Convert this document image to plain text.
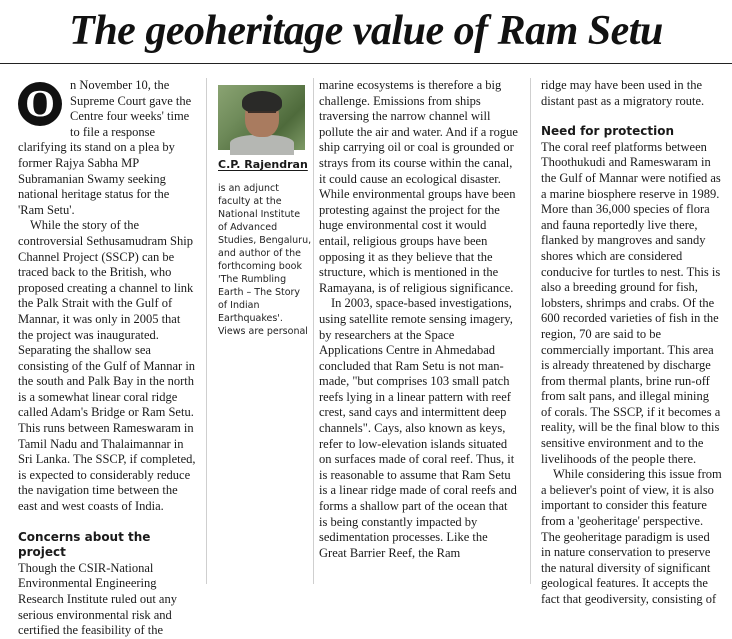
The geoheritage value of Ram Setu
O	n November 10, the Supreme Court gave the Centre four weeks' time to file a response clarifying its stand on a plea by former Rajya Sabha MP Subramanian Swamy seeking national heritage status for the 'Ram Setu'.

While the story of the controversial Sethusamudram Ship Channel Project (SSCP) can be traced back to the British, who proposed creating a channel to link the Palk Strait with the Gulf of Mannar, it was only in 2005 that the project was inaugurated. Separating the shallow sea consisting of the Gulf of Mannar in the south and Palk Bay in the north is a somewhat linear coral ridge called Adam's Bridge or Ram Setu. This runs between Rameswaram in Tamil Nadu and Thalaimannar in Sri Lanka. The SSCP, if completed, is expected to considerably reduce the navigation time between the east and west coasts of India.

Concerns about the project

Though the CSIR-National Environmental Engineering Research Institute ruled out any serious environmental risk and certified the feasibility of the

C.P. Rajendran
is an adjunct faculty at the National Institute of Advanced Studies, Bengaluru, and author of the forthcoming book 'The Rumbling Earth – The Story of Indian Earthquakes'. Views are personal

marine ecosystems is therefore a big challenge. Emissions from ships traversing the narrow channel will pollute the air and water. And if a rogue ship carrying oil or coal is grounded or strays from its course within the canal, it could cause an ecological disaster. While environmental groups have been protesting against the project for the huge environmental cost it would entail, religious groups have been opposing it as they believe that the structure, which is mentioned in the Ramayana, is of religious significance.

In 2003, space-based investigations, using satellite remote sensing imagery, by researchers at the Space Applications Centre in Ahmedabad concluded that Ram Setu is not man-made, "but comprises 103 small patch reefs lying in a linear pattern with reef crest, sand cays and intermittent deep channels". Cays, also known as keys, refer to low-elevation islands situated on surfaces made of coral reef. Thus, it is reasonable to assume that Ram Setu is a linear ridge made of coral reefs and forms a shallow part of the ocean that is being constantly impacted by sedimentation processes. Like the Great Barrier Reef, the Ram

ridge may have been used in the distant past as a migratory route.

Need for protection

The coral reef platforms between Thoothukudi and Rameswaram in the Gulf of Mannar were notified as a marine biosphere reserve in 1989. More than 36,000 species of flora and fauna reportedly live there, flanked by mangroves and sandy shores which are considered conducive for turtles to nest. This is also a breeding ground for fish, lobsters, shrimps and crabs. Of the 600 recorded varieties of fish in the region, 70 are said to be commercially important. This area is already threatened by discharge from thermal plants, brine run-off from salt pans, and illegal mining of corals. The SSCP, if it becomes a reality, will be the final blow to this sensitive environment and to the livelihoods of the people there.

While considering this issue from a believer's point of view, it is also important to consider this feature from a 'geoheritage' perspective. The geoheritage paradigm is used in nature conservation to preserve the natural diversity of significant geological features. It accepts the fact that geodiversity, consisting of
